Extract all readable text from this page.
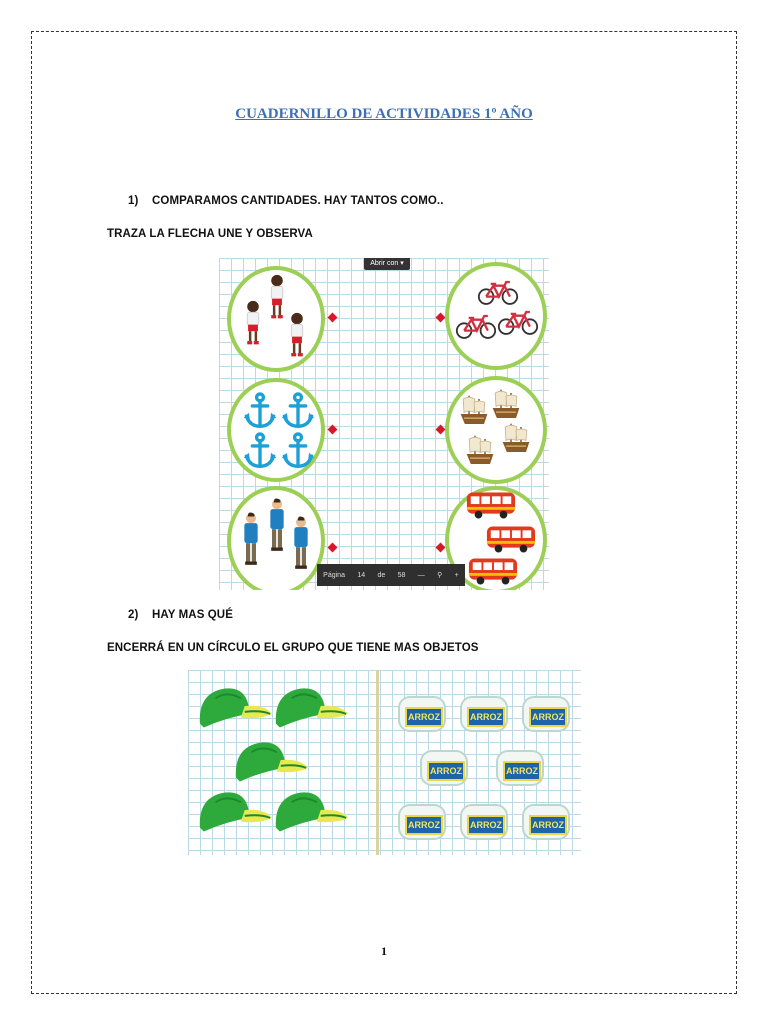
CUADERNILLO DE ACTIVIDADES 1º AÑO
1) COMPARAMOS CANTIDADES. HAY TANTOS COMO..
TRAZA LA FLECHA UNE Y OBSERVA
Abrir con ▾
Página 14 de 58 — ⚲ +
2) HAY MAS QUÉ
ENCERRÁ EN UN CÍRCULO EL GRUPO QUE TIENE MAS OBJETOS
ARROZ	ARROZ	ARROZ
ARROZ	ARROZ
ARROZ	ARROZ	ARROZ
1
